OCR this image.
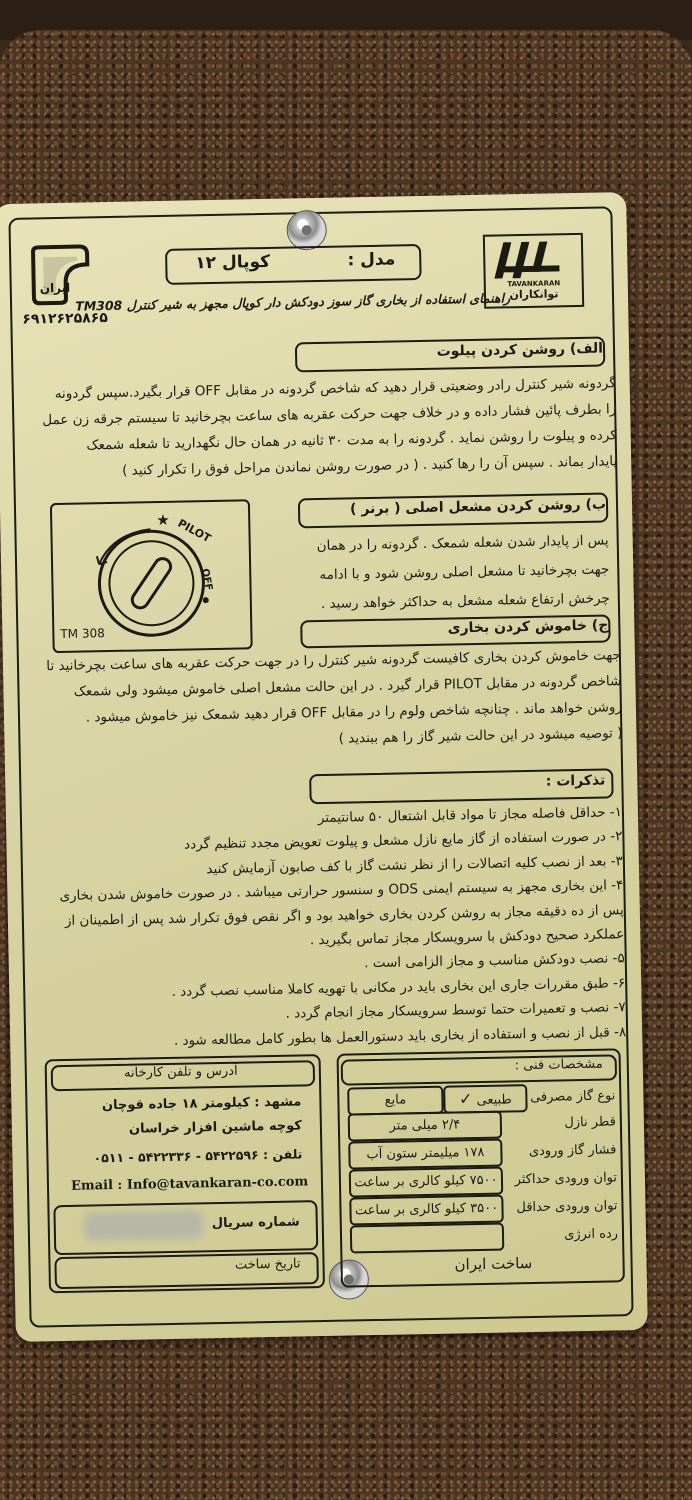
ایران
۶۹۱۲۶۲۵۸۶۵
کوپال ۱۲	مدل :
TAVANKARAN
توانکاران
راهنمای استفاده از بخاری گاز سوز دودکش دار کوپال مجهز به شیر کنترل TM308
الف) روشن کردن پیلوت
گردونه شیر کنترل رادر وضعیتی قرار دهید که شاخص گردونه در مقابل OFF قرار بگیرد.سپس گردونه
را بطرف پائین فشار داده و در خلاف جهت حرکت عقربه های ساعت بچرخانید تا سیستم جرقه زن عمل
کرده و پیلوت را روشن نماید . گردونه را به مدت ۳۰ ثانیه در همان حال نگهدارید تا شعله شمعک
پایدار بماند . سپس آن را رها کنید . ( در صورت روشن نماندن مراحل فوق را تکرار کنید )
ب) روشن کردن مشعل اصلی ( برنر )
پس از پایدار شدن شعله شمعک . گردونه را در همان
جهت بچرخانید تا مشعل اصلی روشن شود و با ادامه
چرخش ارتفاع شعله مشعل به حداکثر خواهد رسید .
★ PILOT
OFF
TM 308	ج) خاموش کردن بخاری
جهت خاموش کردن بخاری کافیست گردونه شیر کنترل را در جهت حرکت عقربه های ساعت بچرخانید تا
شاخص گردونه در مقابل PILOT قرار گیرد . در این حالت مشعل اصلی خاموش میشود ولی شمعک
روشن خواهد ماند . چنانچه شاخص ولوم را در مقابل OFF قرار دهید شمعک نیز خاموش میشود .
( توصیه میشود در این حالت شیر گاز را هم ببندید )
تذکرات :
۱- حداقل فاصله مجاز تا مواد قابل اشتعال ۵۰ سانتیمتر
۲- در صورت استفاده از گاز مایع نازل مشعل و پیلوت تعویض مجدد تنظیم گردد
۳- بعد از نصب کلیه اتصالات را از نظر نشت گاز با کف صابون آزمایش کنید
۴- این بخاری مجهز به سیستم ایمنی ODS و سنسور حرارتی میباشد . در صورت خاموش شدن بخاری
پس از ده دقیقه مجاز به روشن کردن بخاری خواهید بود و اگر نقص فوق تکرار شد پس از اطمینان از
عملکرد صحیح دودکش با سرویسکار مجاز تماس بگیرید .
۵- نصب دودکش مناسب و مجاز الزامی است .
۶- طبق مقررات جاری این بخاری باید در مکانی با تهویه کاملا مناسب نصب گردد .
۷- نصب و تعمیرات حتما توسط سرویسکار مجاز انجام گردد .
۸- قبل از نصب و استفاده از بخاری باید دستورالعمل ها بطور کامل مطالعه شود .
آدرس و تلفن کارخانه
مشهد : کیلومتر ۱۸ جاده قوچان
کوچه ماشین افزار خراسان
تلفن : ۵۴۲۲۵۹۶ - ۵۴۲۲۳۳۶ - ۰۵۱۱
Email : Info@tavankaran-co.com
شماره سریال
تاریخ ساخت
مشخصات فنی :
نوع گاز مصرفی
طبیعی ✓
مایع
قطر نازل
۲/۴ میلی متر
فشار گاز ورودی
۱۷۸ میلیمتر ستون آب
توان ورودی حداکثر
۷۵۰۰ کیلو کالری بر ساعت
توان ورودی حداقل
۳۵۰۰ کیلو کالری بر ساعت
رده انرژی
ساخت ایران
